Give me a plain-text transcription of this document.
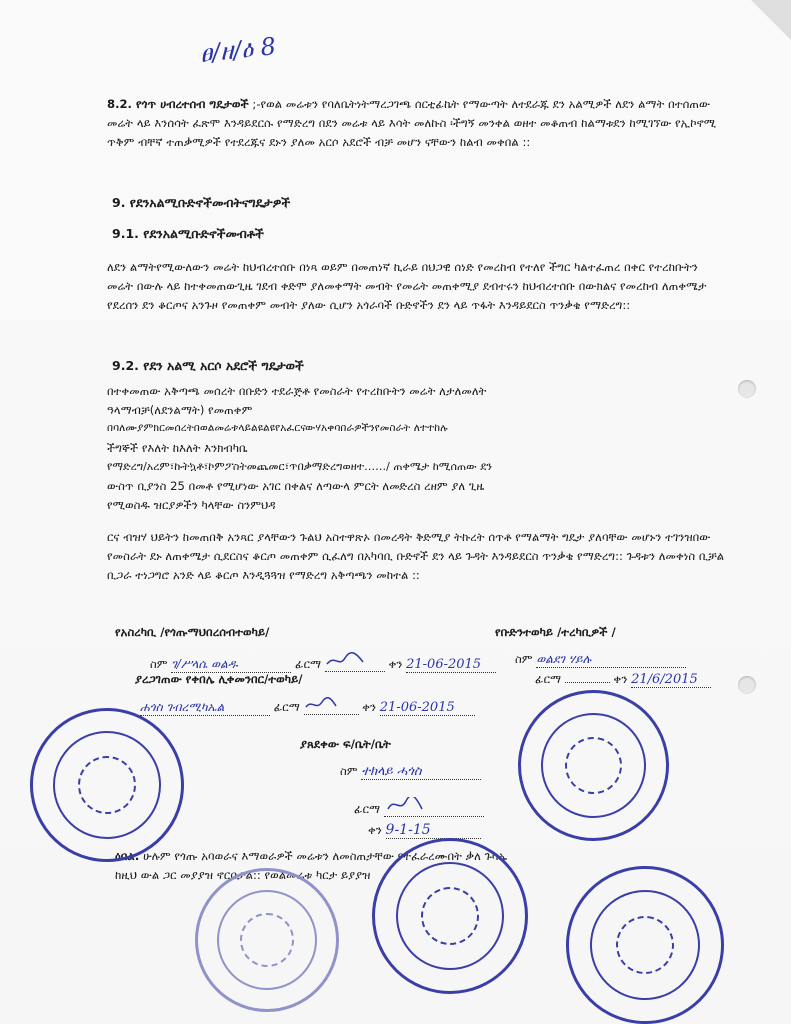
ፀ/ዘ/ዕ 8
8.2. የጎጥ ሀብረተሰብ ግዴታወች ;-የወል መሬቱን የባለቤትነትማረጋገጫ ሰርቲፊኬት የማውጣት ለተደራጁ ደን አልሚዎች ለደን ልማት በተሰጠው መሬት ላይ እንሰሳት ፈጽሞ እንዳይደርሱ የማድረግ በደን መሬቱ ላይ እሳት መለኩስ ፡ችግኝ መንቀል ወዘተ መቆጠብ ከልማቱደን ከሚገኘው የኢኮኖሚ ጥቅም ብቸኛ ተጠቃሚዎች የተደረጁና ደኑን ያለመ አርሶ አደሮች ብቻ መሆን ናቸውን ከልብ መቀበል ::
9. የደንአልሚቡድኖችመብትናግዴታዎች
9.1. የደንአልሚቡድኖችመብቶች
ለደን ልማትየሚውለውን መሬት ከህብረተሰቡ በነጻ ወይም በመጠነኛ ኪራይ በህጋዊ ሰነድ የመረከብ የተለየ ችግር ካልተፈጠረ በቀር የተረከቡትን መሬት በውሉ ላይ ከተቀመጠውጊዜ ገደብ ቀድሞ ያለመቀማት መብት የመሬት መጠቀሚያ ደብተሩን ከህብረተሰቡ በውክልና የመረከብ ለጠቀሜታ የደረሰን ደን ቆርጦና አንጉዞ የመጠቀም መብት ያለው ሲሆን አጎራባች ቡድኖችን ደን ላይ ጥፋት እንዳይደርስ ጥንቃቄ የማድረግ::
9.2. የደን አልሚ አርሶ አደሮች ግዴታወች
በተቀመጠው አቅጣጫ መሰረት በቡድን ተደራጅቶ የመስራት የተረከቡትን መሬት ለታለመለት
ዓላማብቻ(ለደንልማት) የመጠቀም
በባለሙያምክርመሰረትበወልመሬቱላይልዩልዩየአፈርናውሃአቀባበራዎችንየመስራት ለተተከሉ
ችግኞች የእለት ከእለት እንክብካቤ
የማድረግ/አረም፣ኩትኳቶ፣ኮምፖስትመጨመር፣ጥበቃማድረግወዘተ……/ ጠቀሜታ ከሚሰጠው ደን
ውስጥ ቢያንስ 25 በመቶ የሚሆነው አገር በቀልና ለጣውላ ምርት ለመድረስ ረዘም ያለ ጊዜ
የሚወስዱ ዝርያዎችን ካላቸው ስንምህዳ
ርና ብዝሃ ህይትን ከመጠበቅ አንጻር ያላቸውን ጉልህ አስተዋጽኦ በመረዳት ቅድሚያ ትኩረት ሰጥቶ የማልማት ግዴታ ያለባቸው መሆኑን ተገንዝበው የመስራት ደኑ ለጠቀሜታ ሲደርስና ቆርጦ መጠቀም ሲፈለግ በአካባቢ ቡድኖች ደን ላይ ጉዳት እንዳይደርስ ጥንቃቄ የማድረግ:: ጉዳቱን ለመቀነስ ቢቻል ቢጋራ ተነጋግሮ አንድ ላይ ቆርጦ እንዲጓጓዝ የማድረግ አቅጣጫን መከተል ::
የአስረካቢ /የጎጡማህበረሰብተወካይ/	የቡድንተወካይ /ተረካቢዎች /
ስም ገ/ሥላሴ ወልዱ	ፊርማ	ቀን 21-06-2015	ስም ወልደገ ሃይሉ
ፊርማ	ቀን 21/6/2015
ያረጋገጠው የቀበሌ ሊቀመንበር/ተወካይ/
ሐጎስ ገብረሚካኤል	ፊርማ	ቀን 21-06-2015
ያጸደቀው ፍ/ቤት/ቤት
ስም ተክላይ ሓጎስ
ፊርማ
ቀን 9-1-15
ዕባል: ሁሉም የጎጡ አባወራና እማወራዎች መሬቱን ለመስጠታቸው የተፈራረሙበት ቃለ ጉባኤ
ከዚህ ውል ጋር መያያዝ ኖርበታል:: የወልመሬቱ ካርታ ይያያዝ
